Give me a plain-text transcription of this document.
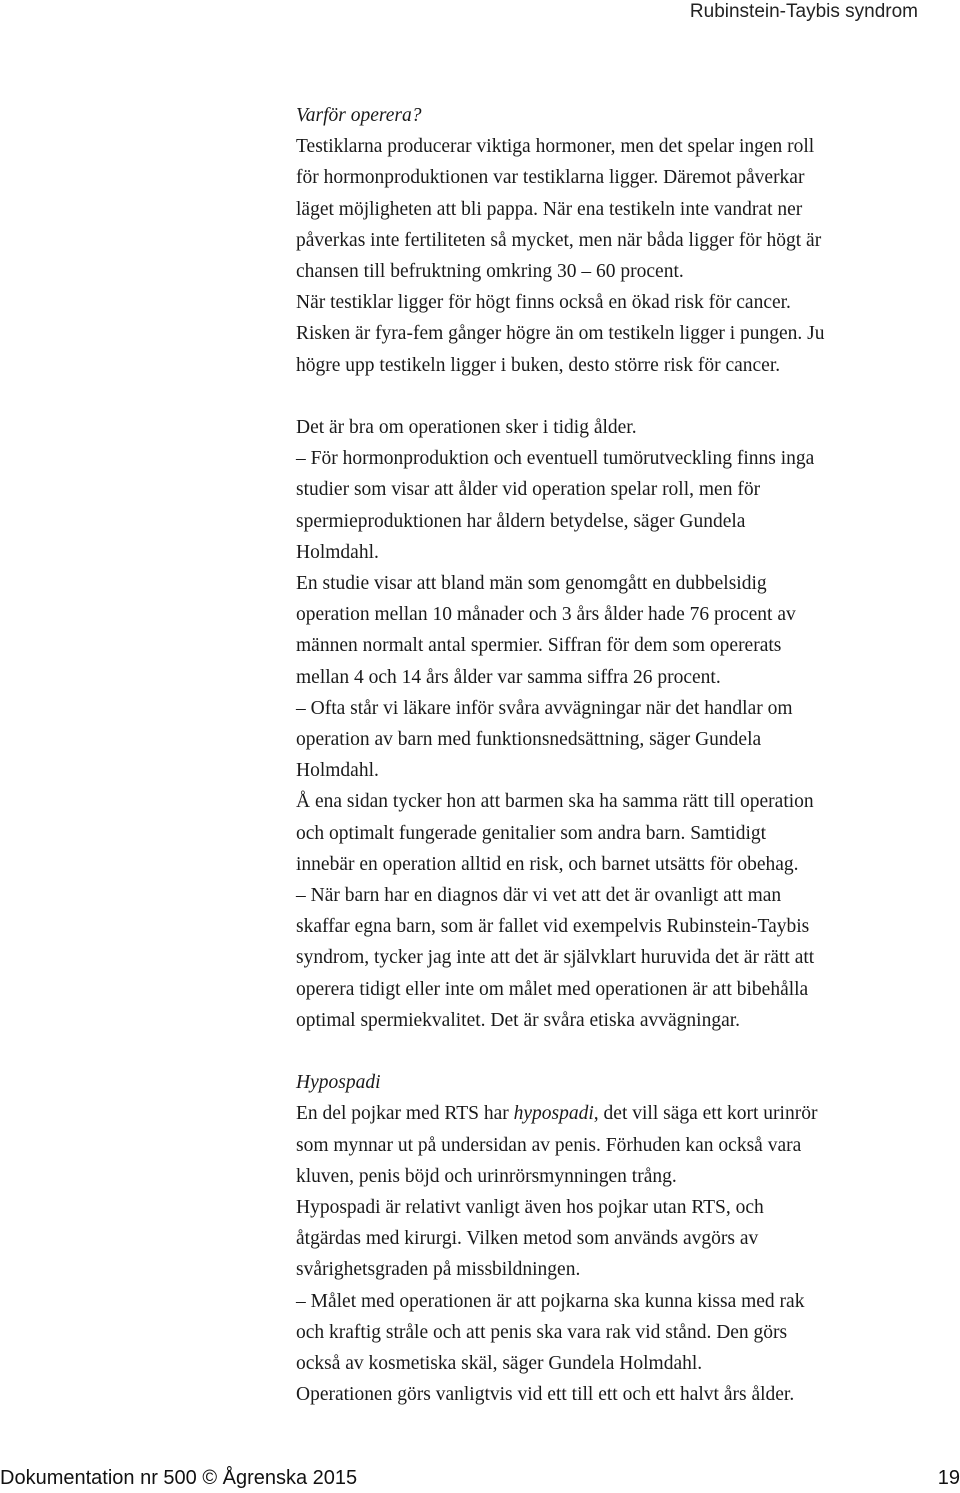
Rubinstein-Taybis syndrom

Varför operera?

Testiklarna producerar viktiga hormoner, men det spelar ingen roll

för hormonproduktionen var testiklarna ligger. Däremot påverkar

läget möjligheten att bli pappa. När ena testikeln inte vandrat ner

påverkas inte fertiliteten så mycket, men när båda ligger för högt är

chansen till befruktning omkring 30 – 60 procent.

När testiklar ligger för högt finns också en ökad risk för cancer.

Risken är fyra-fem gånger högre än om testikeln ligger i pungen. Ju

högre upp testikeln ligger i buken, desto större risk för cancer.

Det är bra om operationen sker i tidig ålder.

– För hormonproduktion och eventuell tumörutveckling finns inga

studier som visar att ålder vid operation spelar roll, men för

spermieproduktionen har åldern betydelse, säger Gundela

Holmdahl.

En studie visar att bland män som genomgått en dubbelsidig

operation mellan 10 månader och 3 års ålder hade 76 procent av

männen normalt antal spermier. Siffran för dem som opererats

mellan 4 och 14 års ålder var samma siffra 26 procent.

– Ofta står vi läkare inför svåra avvägningar när det handlar om

operation av barn med funktionsnedsättning, säger Gundela

Holmdahl.

Å ena sidan tycker hon att barmen ska ha samma rätt till operation

och optimalt fungerade genitalier som andra barn. Samtidigt

innebär en operation alltid en risk, och barnet utsätts för obehag.

– När barn har en diagnos där vi vet att det är ovanligt att man

skaffar egna barn, som är fallet vid exempelvis Rubinstein-Taybis

syndrom, tycker jag inte att det är självklart huruvida det är rätt att

operera tidigt eller inte om målet med operationen är att bibehålla

optimal spermiekvalitet. Det är svåra etiska avvägningar.

Hypospadi

En del pojkar med RTS har hypospadi, det vill säga ett kort urinrör

som mynnar ut på undersidan av penis. Förhuden kan också vara

kluven, penis böjd och urinrörsmynningen trång.

Hypospadi är relativt vanligt även hos pojkar utan RTS, och

åtgärdas med kirurgi. Vilken metod som används avgörs av

svårighetsgraden på missbildningen.

– Målet med operationen är att pojkarna ska kunna kissa med rak

och kraftig stråle och att penis ska vara rak vid stånd. Den görs

också av kosmetiska skäl, säger Gundela Holmdahl.

Operationen görs vanligtvis vid ett till ett och ett halvt års ålder.

Dokumentation nr 500 © Ågrenska 2015	19
